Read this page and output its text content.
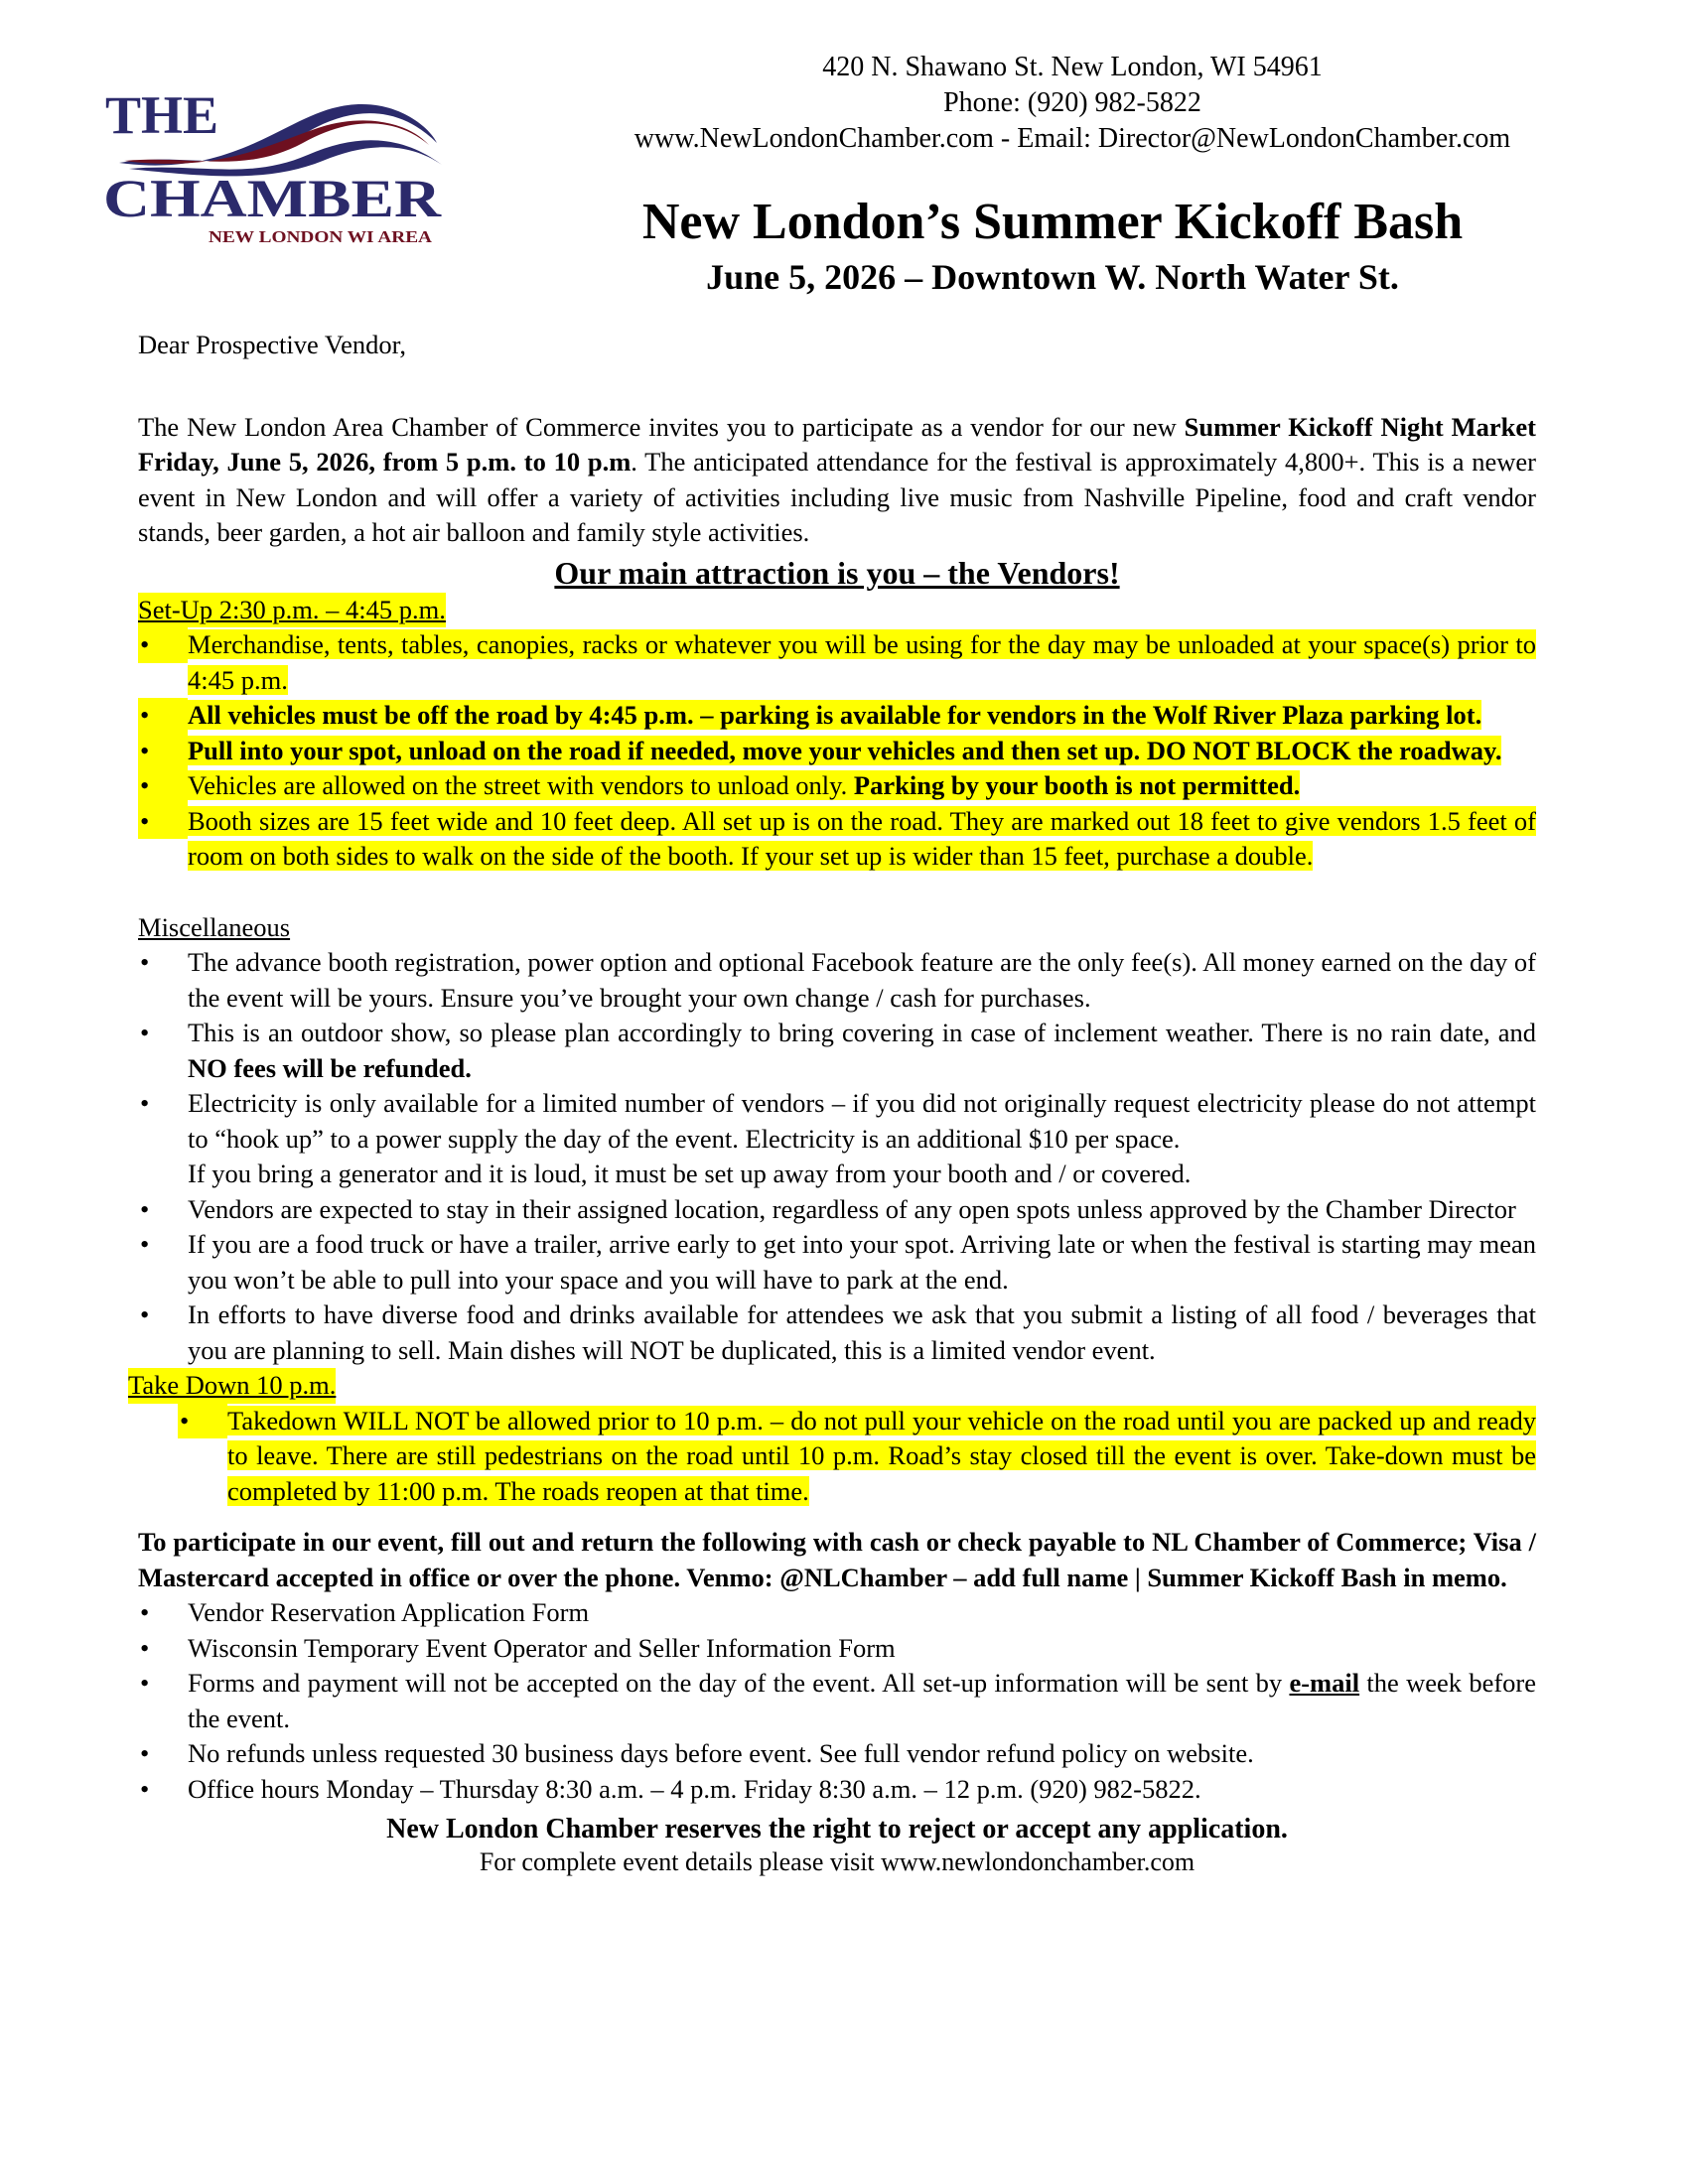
THE
CHAMBER
NEW LONDON WI AREA
420 N. Shawano St. New London, WI 54961
Phone: (920) 982-5822
www.NewLondonChamber.com - Email: Director@NewLondonChamber.com
New London’s Summer Kickoff Bash
June 5, 2026 – Downtown W. North Water St.

Dear Prospective Vendor,

The New London Area Chamber of Commerce invites you to participate as a vendor for our new Summer Kickoff Night Market Friday, June 5, 2026, from 5 p.m. to 10 p.m. The anticipated attendance for the festival is approximately 4,800+. This is a newer event in New London and will offer a variety of activities including live music from Nashville Pipeline, food and craft vendor stands, beer garden, a hot air balloon and family style activities.

Our main attraction is you – the Vendors!
Set-Up 2:30 p.m. – 4:45 p.m.
•	Merchandise, tents, tables, canopies, racks or whatever you will be using for the day may be unloaded at your space(s) prior to 4:45 p.m.
•	All vehicles must be off the road by 4:45 p.m. – parking is available for vendors in the Wolf River Plaza parking lot.
•	Pull into your spot, unload on the road if needed, move your vehicles and then set up. DO NOT BLOCK the roadway.
•	Vehicles are allowed on the street with vendors to unload only. Parking by your booth is not permitted.
•	Booth sizes are 15 feet wide and 10 feet deep. All set up is on the road. They are marked out 18 feet to give vendors 1.5 feet of room on both sides to walk on the side of the booth. If your set up is wider than 15 feet, purchase a double.
Miscellaneous
•	The advance booth registration, power option and optional Facebook feature are the only fee(s). All money earned on the day of the event will be yours. Ensure you’ve brought your own change / cash for purchases.
•	This is an outdoor show, so please plan accordingly to bring covering in case of inclement weather. There is no rain date, and NO fees will be refunded.
•	Electricity is only available for a limited number of vendors – if you did not originally request electricity please do not attempt to “hook up” to a power supply the day of the event. Electricity is an additional $10 per space.
If you bring a generator and it is loud, it must be set up away from your booth and / or covered.
•	Vendors are expected to stay in their assigned location, regardless of any open spots unless approved by the Chamber Director
•	If you are a food truck or have a trailer, arrive early to get into your spot. Arriving late or when the festival is starting may mean you won’t be able to pull into your space and you will have to park at the end.
•	In efforts to have diverse food and drinks available for attendees we ask that you submit a listing of all food / beverages that you are planning to sell. Main dishes will NOT be duplicated, this is a limited vendor event.
Take Down 10 p.m.
•	Takedown WILL NOT be allowed prior to 10 p.m. – do not pull your vehicle on the road until you are packed up and ready to leave. There are still pedestrians on the road until 10 p.m. Road’s stay closed till the event is over. Take-down must be completed by 11:00 p.m. The roads reopen at that time.

To participate in our event, fill out and return the following with cash or check payable to NL Chamber of Commerce; Visa / Mastercard accepted in office or over the phone. Venmo: @NLChamber – add full name | Summer Kickoff Bash in memo.

•	Vendor Reservation Application Form
•	Wisconsin Temporary Event Operator and Seller Information Form
•	Forms and payment will not be accepted on the day of the event. All set-up information will be sent by e-mail the week before the event.
•	No refunds unless requested 30 business days before event. See full vendor refund policy on website.
•	Office hours Monday – Thursday 8:30 a.m. – 4 p.m. Friday 8:30 a.m. – 12 p.m. (920) 982-5822.
New London Chamber reserves the right to reject or accept any application.
For complete event details please visit www.newlondonchamber.com
